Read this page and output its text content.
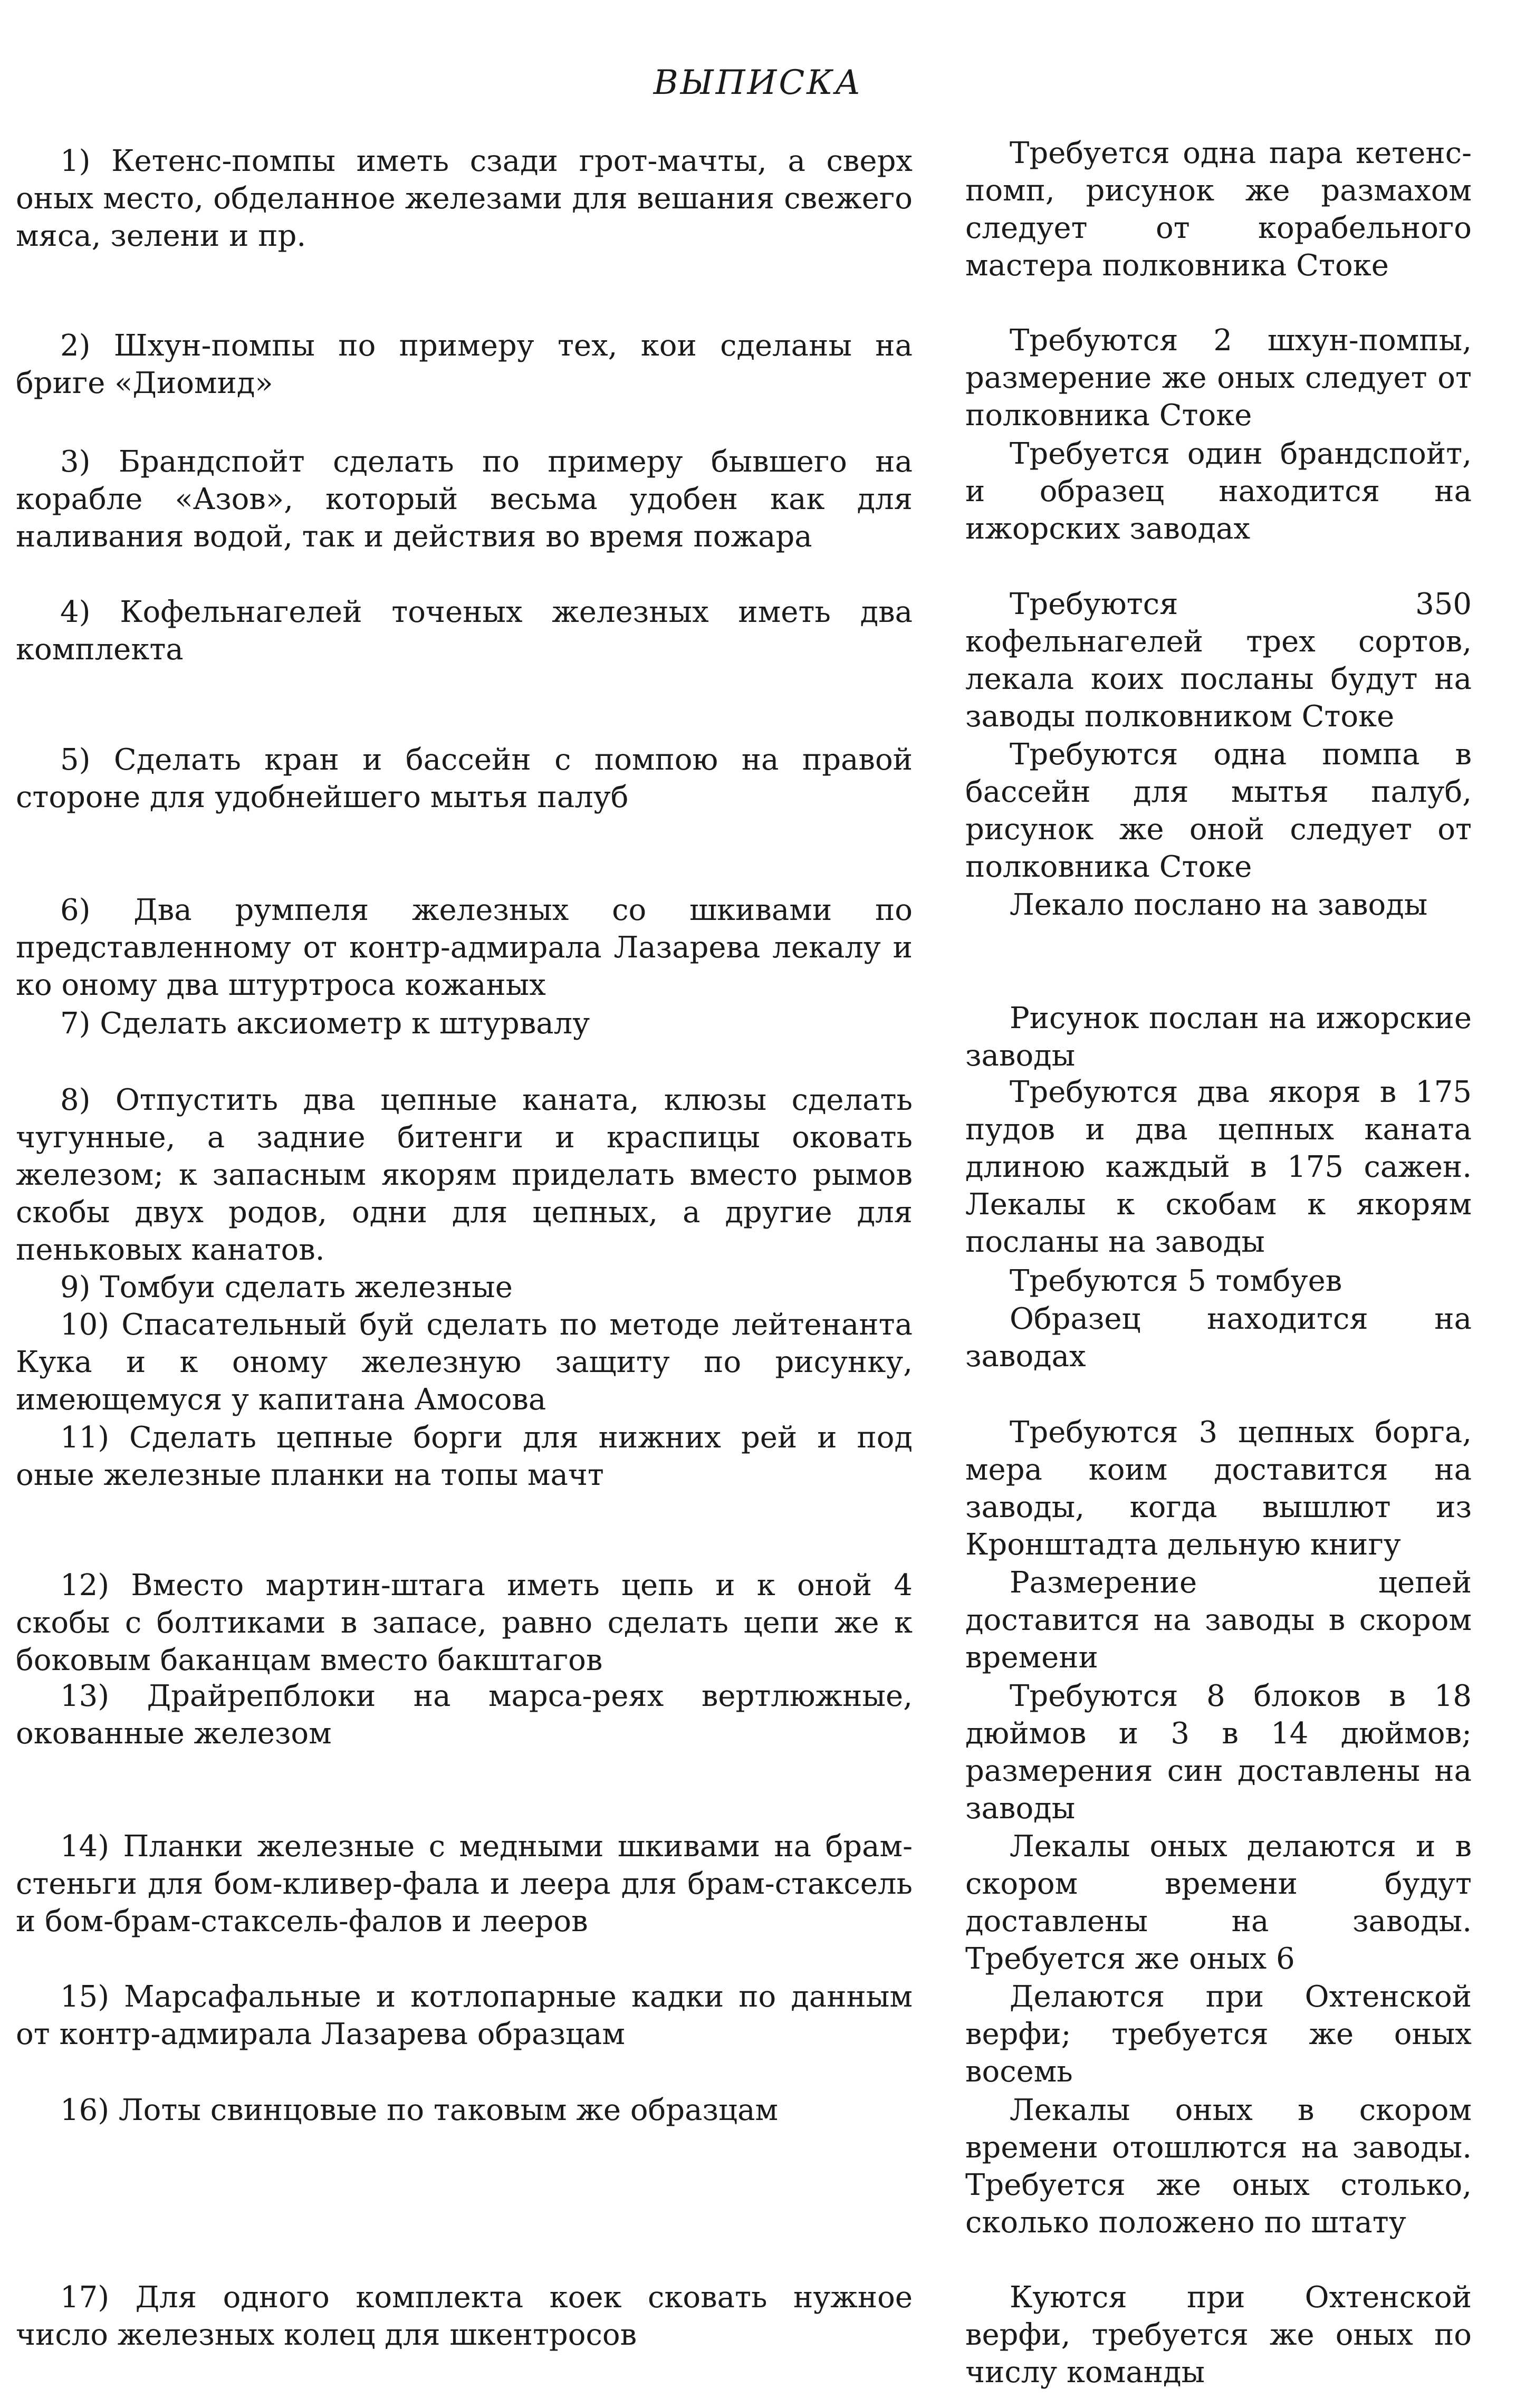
ВЫПИСКА
1) Кетенс-помпы иметь сзади грот-мачты, а сверх оных место, обделанное железами для вешания свежего мяса, зелени и пр.
2) Шхун-помпы по примеру тех, кои сделаны на бриге «Диомид»
3) Брандспойт сделать по примеру бывшего на корабле «Азов», который весьма удобен как для наливания водой, так и действия во время пожара
4) Кофельнагелей точеных железных иметь два комплекта
5) Сделать кран и бассейн с помпою на правой стороне для удобнейшего мытья палуб
6) Два румпеля железных со шкивами по представленному от контр-адмирала Лазарева лекалу и ко оному два штуртроса кожаных
7) Сделать аксиометр к штурвалу
8) Отпустить два цепные каната, клюзы сделать чугунные, а задние битенги и краспицы оковать железом; к запасным якорям приделать вместо рымов скобы двух родов, одни для цепных, а другие для пеньковых канатов.
9) Томбуи сделать железные
10) Спасательный буй сделать по методе лейтенанта Кука и к оному железную защиту по рисунку, имеющемуся у капитана Амосова
11) Сделать цепные борги для нижних рей и под оные железные планки на топы мачт
12) Вместо мартин-штага иметь цепь и к оной 4 скобы с болтиками в запасе, равно сделать цепи же к боковым баканцам вместо бакштагов
13) Драйрепблоки на марса-реях вертлюжные, окованные железом
14) Планки железные с медными шкивами на брам-стеньги для бом-кливер-фала и леера для брам-стаксель и бом-брам-стаксель-фалов и лееров
15) Марсафальные и котлопарные кадки по данным от контр-адмирала Лазарева образцам
16) Лоты свинцовые по таковым же образцам
17) Для одного комплекта коек сковать нужное число железных колец для шкентросов
Требуется одна пара кетенс-помп, рисунок же размахом следует от корабельного мастера полковника Стоке
Требуются 2 шхун-помпы, размерение же оных следует от полковника Стоке
Требуется один брандспойт, и образец находится на ижорских заводах
Требуются 350 кофельнагелей трех сортов, лекала коих посланы будут на заводы полковником Стоке
Требуются одна помпа в бассейн для мытья палуб, рисунок же оной следует от полковника Стоке
Лекало послано на заводы
Рисунок послан на ижорские заводы
Требуются два якоря в 175 пудов и два цепных каната длиною каждый в 175 сажен. Лекалы к скобам к якорям посланы на заводы
Требуются 5 томбуев
Образец находится на заводах
Требуются 3 цепных борга, мера коим доставится на заводы, когда вышлют из Кронштадта дельную книгу
Размерение цепей доставится на заводы в скором времени
Требуются 8 блоков в 18 дюймов и 3 в 14 дюймов; размерения син доставлены на заводы
Лекалы оных делаются и в скором времени будут доставлены на заводы. Требуется же оных 6
Делаются при Охтенской верфи; требуется же оных восемь
Лекалы оных в скором времени отошлются на заводы. Требуется же оных столько, сколько положено по штату
Куются при Охтенской верфи, требуется же оных по числу команды
